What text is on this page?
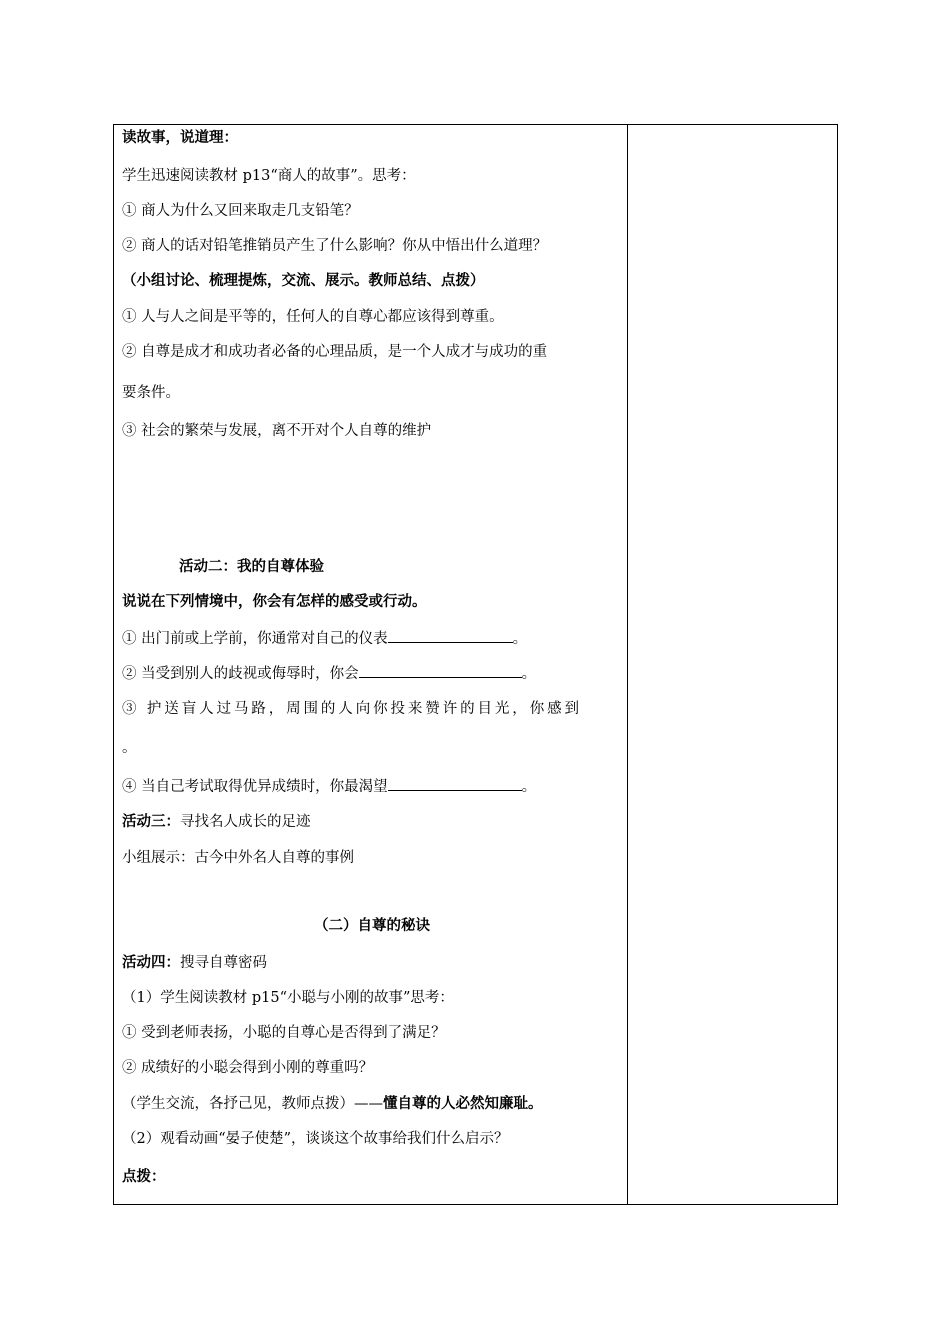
读故事，说道理：
学生迅速阅读教材 p13“商人的故事”。思考：
① 商人为什么又回来取走几支铅笔？
② 商人的话对铅笔推销员产生了什么影响？你从中悟出什么道理？
（小组讨论、梳理提炼，交流、展示。教师总结、点拨）
① 人与人之间是平等的，任何人的自尊心都应该得到尊重。
② 自尊是成才和成功者必备的心理品质，是一个人成才与成功的重
要条件。
③ 社会的繁荣与发展，离不开对个人自尊的维护
活动二：我的自尊体验
说说在下列情境中，你会有怎样的感受或行动。
① 出门前或上学前，你通常对自己的仪表	。
② 当受到别人的歧视或侮辱时，你会	。
③ 护送盲人过马路，周围的人向你投来赞许的目光，你感到
。
④ 当自己考试取得优异成绩时，你最渴望	。
活动三：寻找名人成长的足迹
小组展示：古今中外名人自尊的事例
（二）自尊的秘诀
活动四：搜寻自尊密码
（1）学生阅读教材 p15“小聪与小刚的故事”思考：
① 受到老师表扬，小聪的自尊心是否得到了满足？
② 成绩好的小聪会得到小刚的尊重吗？
（学生交流，各抒己见，教师点拨）——懂自尊的人必然知廉耻。
（2）观看动画“晏子使楚”，谈谈这个故事给我们什么启示？
点拨：
